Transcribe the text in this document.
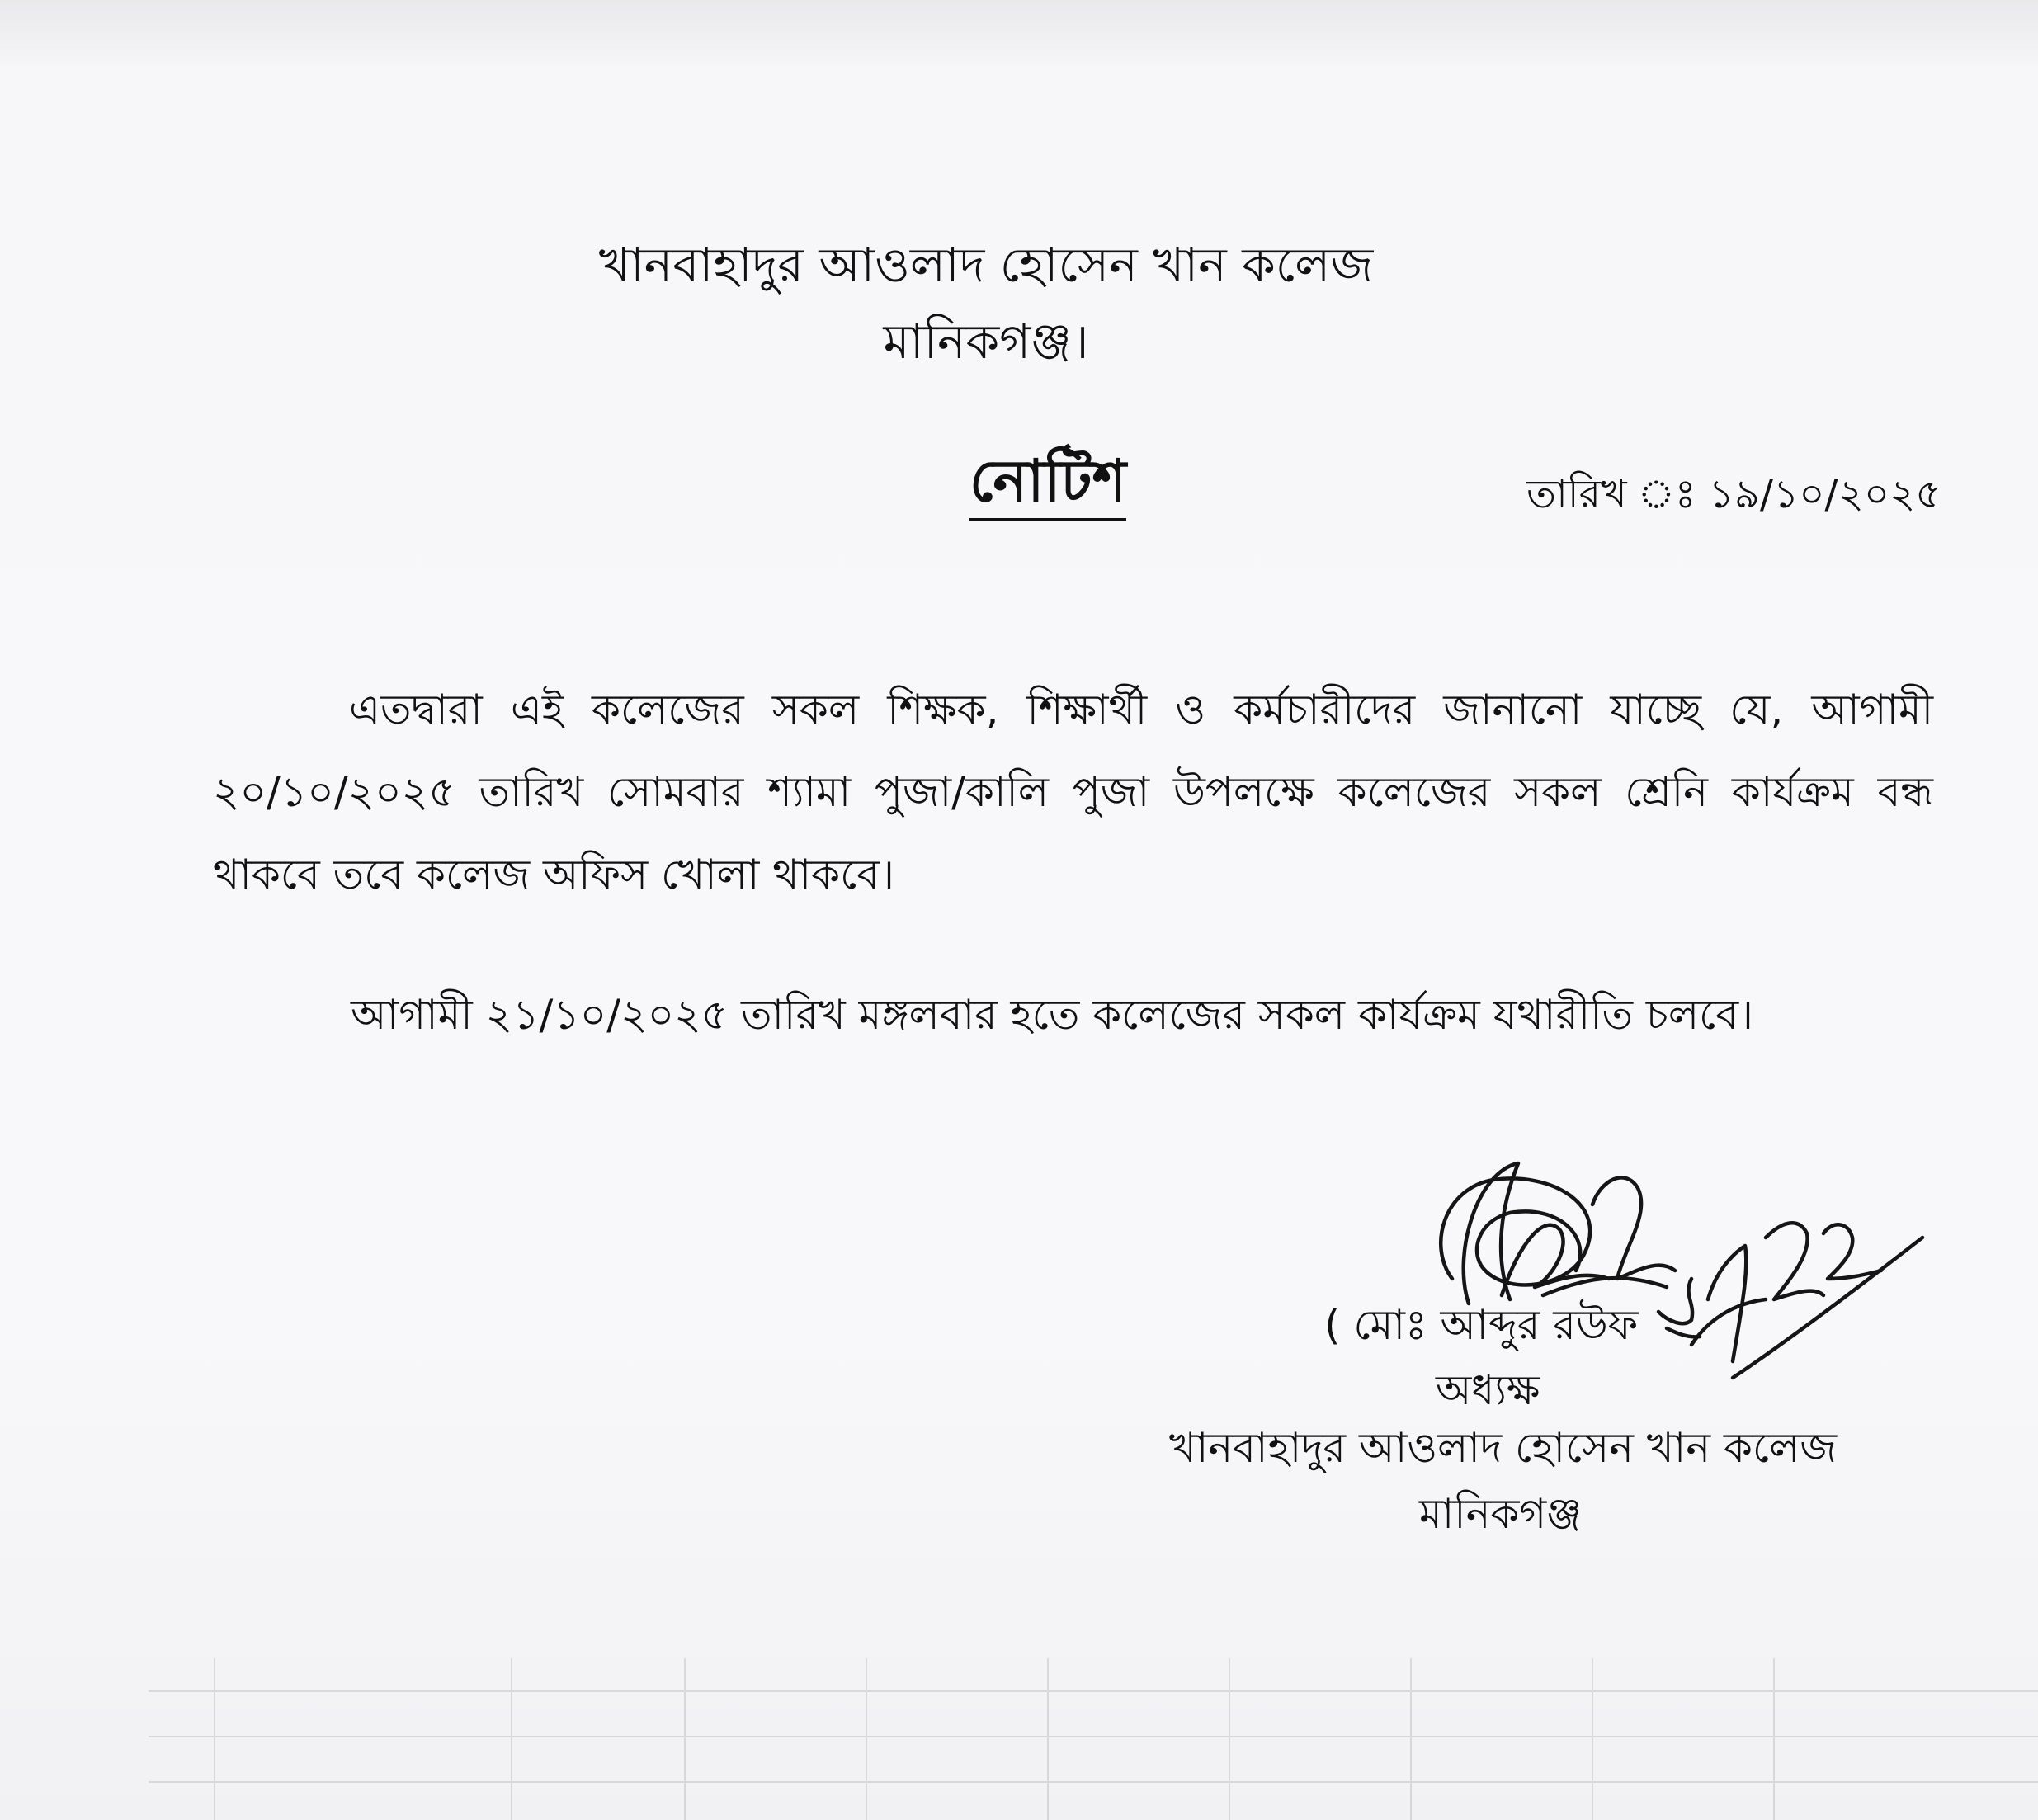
খানবাহাদুর আওলাদ হোসেন খান কলেজ
মানিকগঞ্জ।
নোটিশ	তারিখ ঃ ১৯/১০/২০২৫
এতদ্বারা এই কলেজের সকল শিক্ষক, শিক্ষার্থী ও কর্মচারীদের জানানো যাচ্ছে যে, আগামী ২০/১০/২০২৫ তারিখ সোমবার শ্যামা পুজা/কালি পুজা উপলক্ষে কলেজের সকল শ্রেনি কার্যক্রম বন্ধ থাকবে তবে কলেজ অফিস খোলা থাকবে।
আগামী ২১/১০/২০২৫ তারিখ মঙ্গলবার হতে কলেজের সকল কার্যক্রম যথারীতি চলবে।
( মোঃ আব্দুর রউফ
অধ্যক্ষ
খানবাহাদুর আওলাদ হোসেন খান কলেজ
মানিকগঞ্জ
